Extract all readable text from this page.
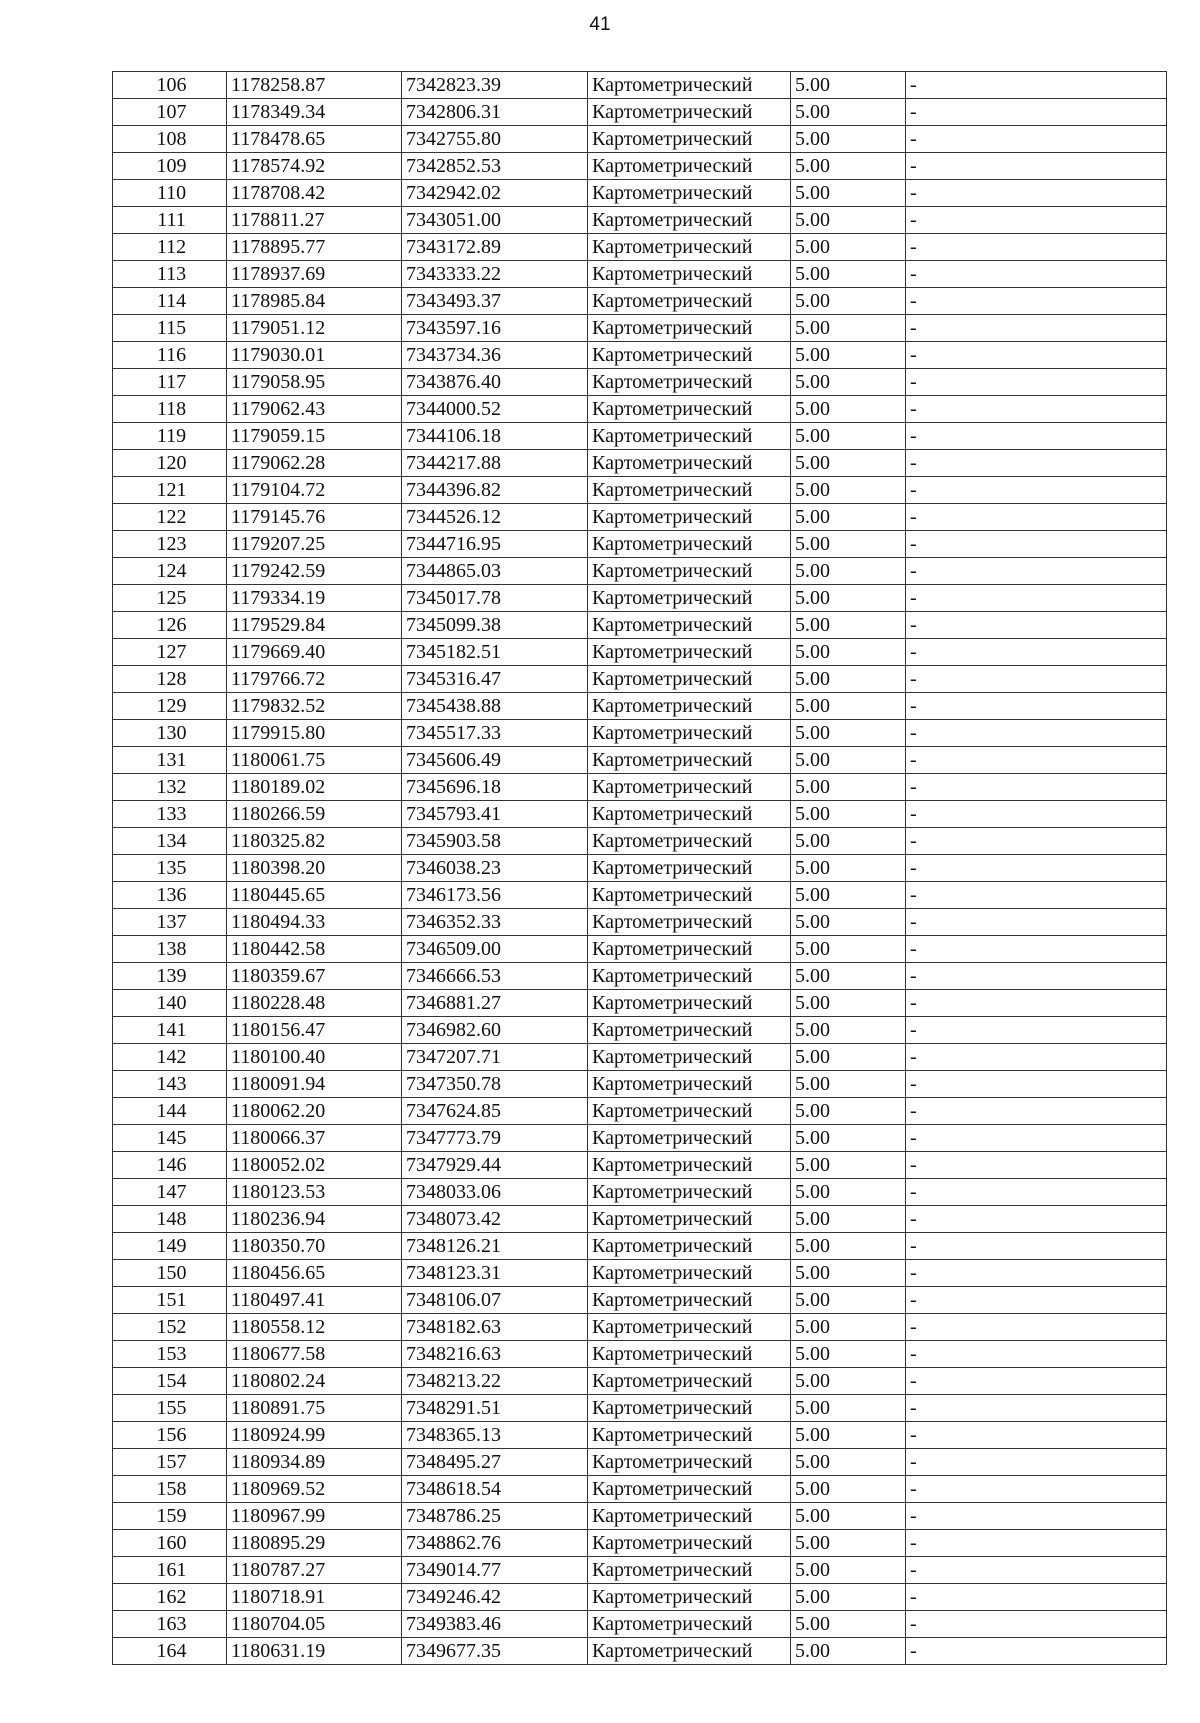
41
106	1178258.87	7342823.39	Картометрический	5.00	-
107	1178349.34	7342806.31	Картометрический	5.00	-
108	1178478.65	7342755.80	Картометрический	5.00	-
109	1178574.92	7342852.53	Картометрический	5.00	-
110	1178708.42	7342942.02	Картометрический	5.00	-
111	1178811.27	7343051.00	Картометрический	5.00	-
112	1178895.77	7343172.89	Картометрический	5.00	-
113	1178937.69	7343333.22	Картометрический	5.00	-
114	1178985.84	7343493.37	Картометрический	5.00	-
115	1179051.12	7343597.16	Картометрический	5.00	-
116	1179030.01	7343734.36	Картометрический	5.00	-
117	1179058.95	7343876.40	Картометрический	5.00	-
118	1179062.43	7344000.52	Картометрический	5.00	-
119	1179059.15	7344106.18	Картометрический	5.00	-
120	1179062.28	7344217.88	Картометрический	5.00	-
121	1179104.72	7344396.82	Картометрический	5.00	-
122	1179145.76	7344526.12	Картометрический	5.00	-
123	1179207.25	7344716.95	Картометрический	5.00	-
124	1179242.59	7344865.03	Картометрический	5.00	-
125	1179334.19	7345017.78	Картометрический	5.00	-
126	1179529.84	7345099.38	Картометрический	5.00	-
127	1179669.40	7345182.51	Картометрический	5.00	-
128	1179766.72	7345316.47	Картометрический	5.00	-
129	1179832.52	7345438.88	Картометрический	5.00	-
130	1179915.80	7345517.33	Картометрический	5.00	-
131	1180061.75	7345606.49	Картометрический	5.00	-
132	1180189.02	7345696.18	Картометрический	5.00	-
133	1180266.59	7345793.41	Картометрический	5.00	-
134	1180325.82	7345903.58	Картометрический	5.00	-
135	1180398.20	7346038.23	Картометрический	5.00	-
136	1180445.65	7346173.56	Картометрический	5.00	-
137	1180494.33	7346352.33	Картометрический	5.00	-
138	1180442.58	7346509.00	Картометрический	5.00	-
139	1180359.67	7346666.53	Картометрический	5.00	-
140	1180228.48	7346881.27	Картометрический	5.00	-
141	1180156.47	7346982.60	Картометрический	5.00	-
142	1180100.40	7347207.71	Картометрический	5.00	-
143	1180091.94	7347350.78	Картометрический	5.00	-
144	1180062.20	7347624.85	Картометрический	5.00	-
145	1180066.37	7347773.79	Картометрический	5.00	-
146	1180052.02	7347929.44	Картометрический	5.00	-
147	1180123.53	7348033.06	Картометрический	5.00	-
148	1180236.94	7348073.42	Картометрический	5.00	-
149	1180350.70	7348126.21	Картометрический	5.00	-
150	1180456.65	7348123.31	Картометрический	5.00	-
151	1180497.41	7348106.07	Картометрический	5.00	-
152	1180558.12	7348182.63	Картометрический	5.00	-
153	1180677.58	7348216.63	Картометрический	5.00	-
154	1180802.24	7348213.22	Картометрический	5.00	-
155	1180891.75	7348291.51	Картометрический	5.00	-
156	1180924.99	7348365.13	Картометрический	5.00	-
157	1180934.89	7348495.27	Картометрический	5.00	-
158	1180969.52	7348618.54	Картометрический	5.00	-
159	1180967.99	7348786.25	Картометрический	5.00	-
160	1180895.29	7348862.76	Картометрический	5.00	-
161	1180787.27	7349014.77	Картометрический	5.00	-
162	1180718.91	7349246.42	Картометрический	5.00	-
163	1180704.05	7349383.46	Картометрический	5.00	-
164	1180631.19	7349677.35	Картометрический	5.00	-
